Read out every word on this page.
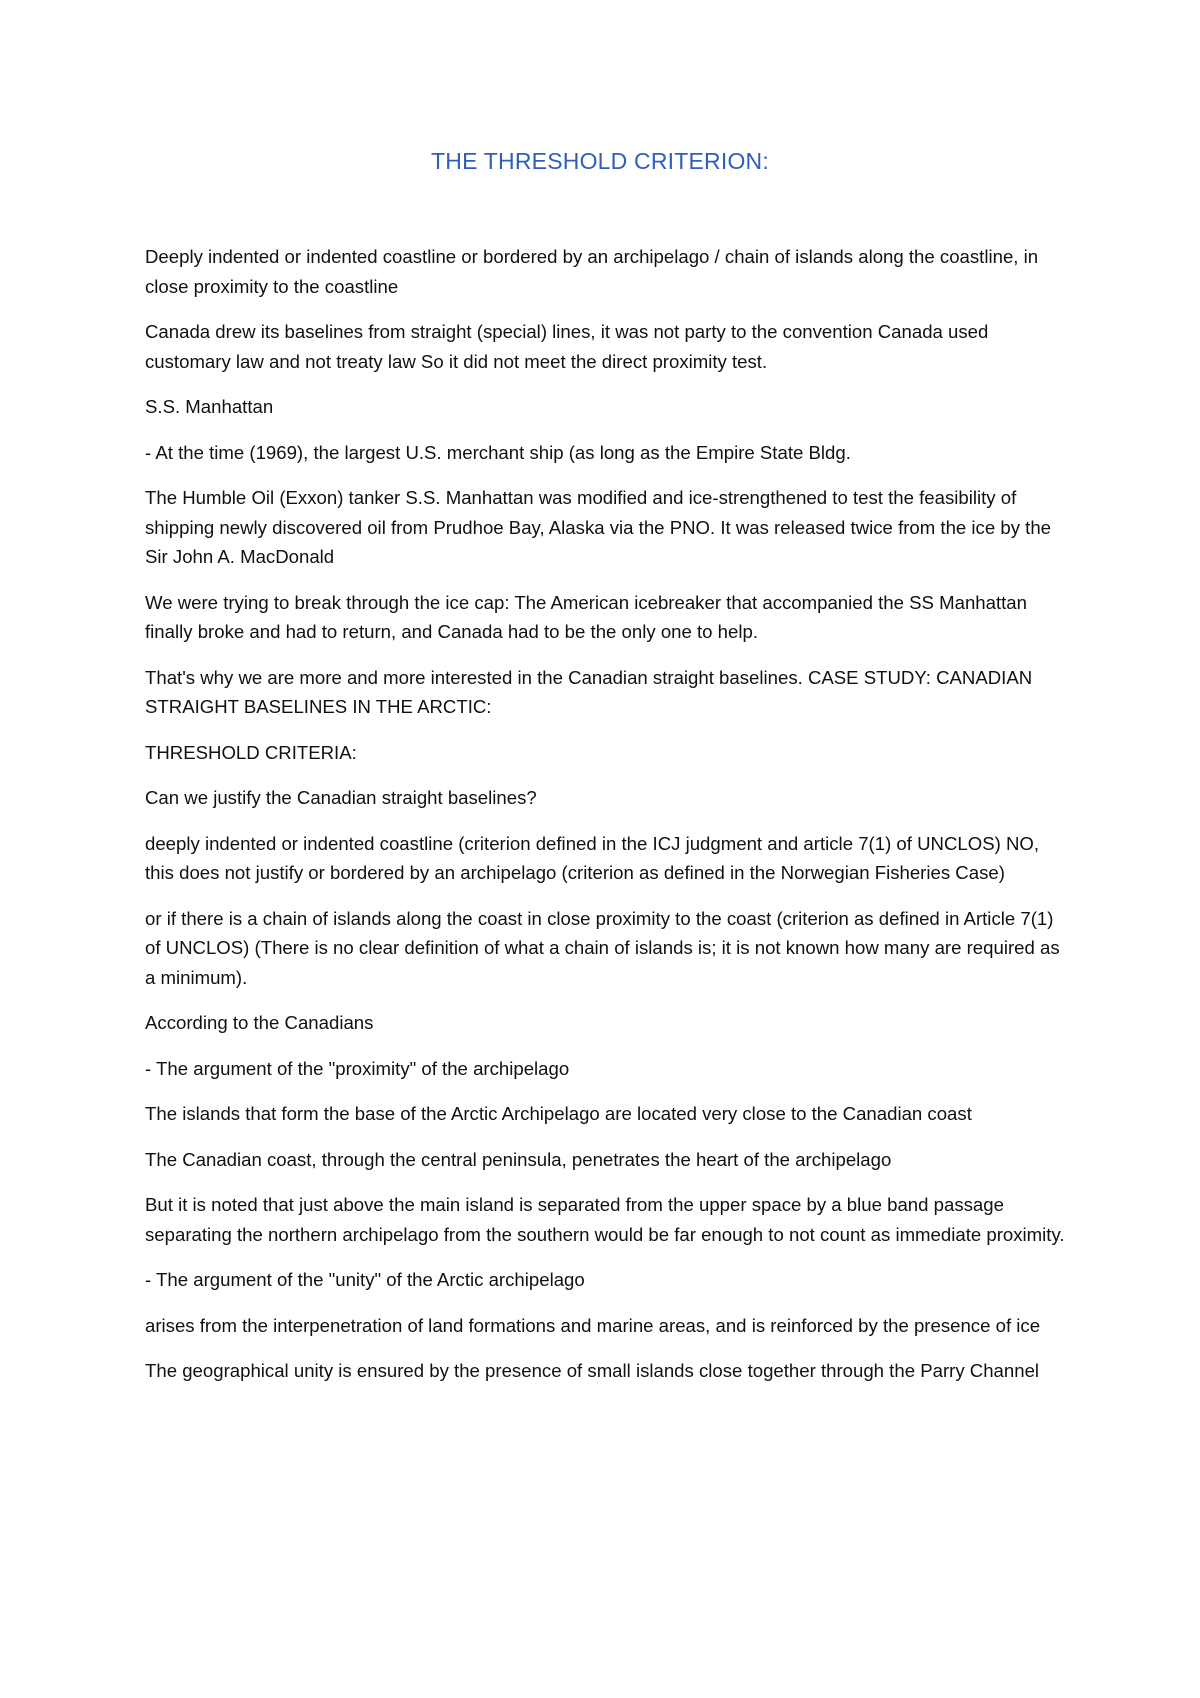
THE THRESHOLD CRITERION:

Deeply indented or indented coastline or bordered by an archipelago / chain of islands along the coastline, in close proximity to the coastline

Canada drew its baselines from straight (special) lines, it was not party to the convention Canada used customary law and not treaty law So it did not meet the direct proximity test.

S.S. Manhattan

- At the time (1969), the largest U.S. merchant ship (as long as the Empire State Bldg.

The Humble Oil (Exxon) tanker S.S. Manhattan was modified and ice-strengthened to test the feasibility of shipping newly discovered oil from Prudhoe Bay, Alaska via the PNO. It was released twice from the ice by the Sir John A. MacDonald

We were trying to break through the ice cap: The American icebreaker that accompanied the SS Manhattan finally broke and had to return, and Canada had to be the only one to help.

That's why we are more and more interested in the Canadian straight baselines. CASE STUDY: CANADIAN STRAIGHT BASELINES IN THE ARCTIC:

THRESHOLD CRITERIA:

Can we justify the Canadian straight baselines?

deeply indented or indented coastline (criterion defined in the ICJ judgment and article 7(1) of UNCLOS) NO, this does not justify or bordered by an archipelago (criterion as defined in the Norwegian Fisheries Case)

or if there is a chain of islands along the coast in close proximity to the coast (criterion as defined in Article 7(1) of UNCLOS) (There is no clear definition of what a chain of islands is; it is not known how many are required as a minimum).

According to the Canadians

- The argument of the "proximity" of the archipelago

The islands that form the base of the Arctic Archipelago are located very close to the Canadian coast

The Canadian coast, through the central peninsula, penetrates the heart of the archipelago

But it is noted that just above the main island is separated from the upper space by a blue band passage separating the northern archipelago from the southern would be far enough to not count as immediate proximity.

- The argument of the "unity" of the Arctic archipelago

arises from the interpenetration of land formations and marine areas, and is reinforced by the presence of ice

The geographical unity is ensured by the presence of small islands close together through the Parry Channel
